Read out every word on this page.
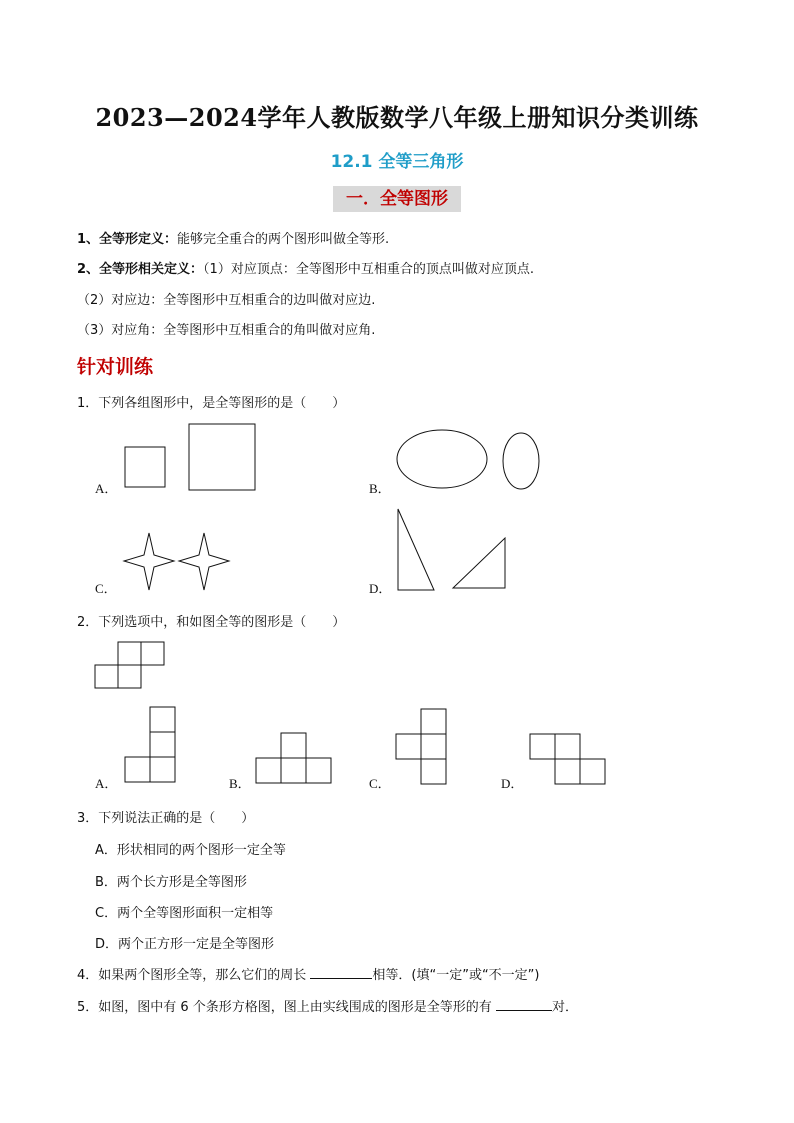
2023—2024学年人教版数学八年级上册知识分类训练
12.1 全等三角形
一．全等图形
1、全等形定义：能够完全重合的两个图形叫做全等形.
2、全等形相关定义：（1）对应顶点：全等图形中互相重合的顶点叫做对应顶点.
（2）对应边：全等图形中互相重合的边叫做对应边.
（3）对应角：全等图形中互相重合的角叫做对应角.
针对训练
1．下列各组图形中，是全等图形的是（　　）
A．	B．
C．	D．
2．下列选项中，和如图全等的图形是（　　）
A．	B．	C．	D．
3．下列说法正确的是（　　）
A．形状相同的两个图形一定全等
B．两个长方形是全等图形
C．两个全等图形面积一定相等
D．两个正方形一定是全等图形
4．如果两个图形全等，那么它们的周长	相等．(填“一定”或“不一定”)
5．如图，图中有 6 个条形方格图，图上由实线围成的图形是全等形的有	对．
